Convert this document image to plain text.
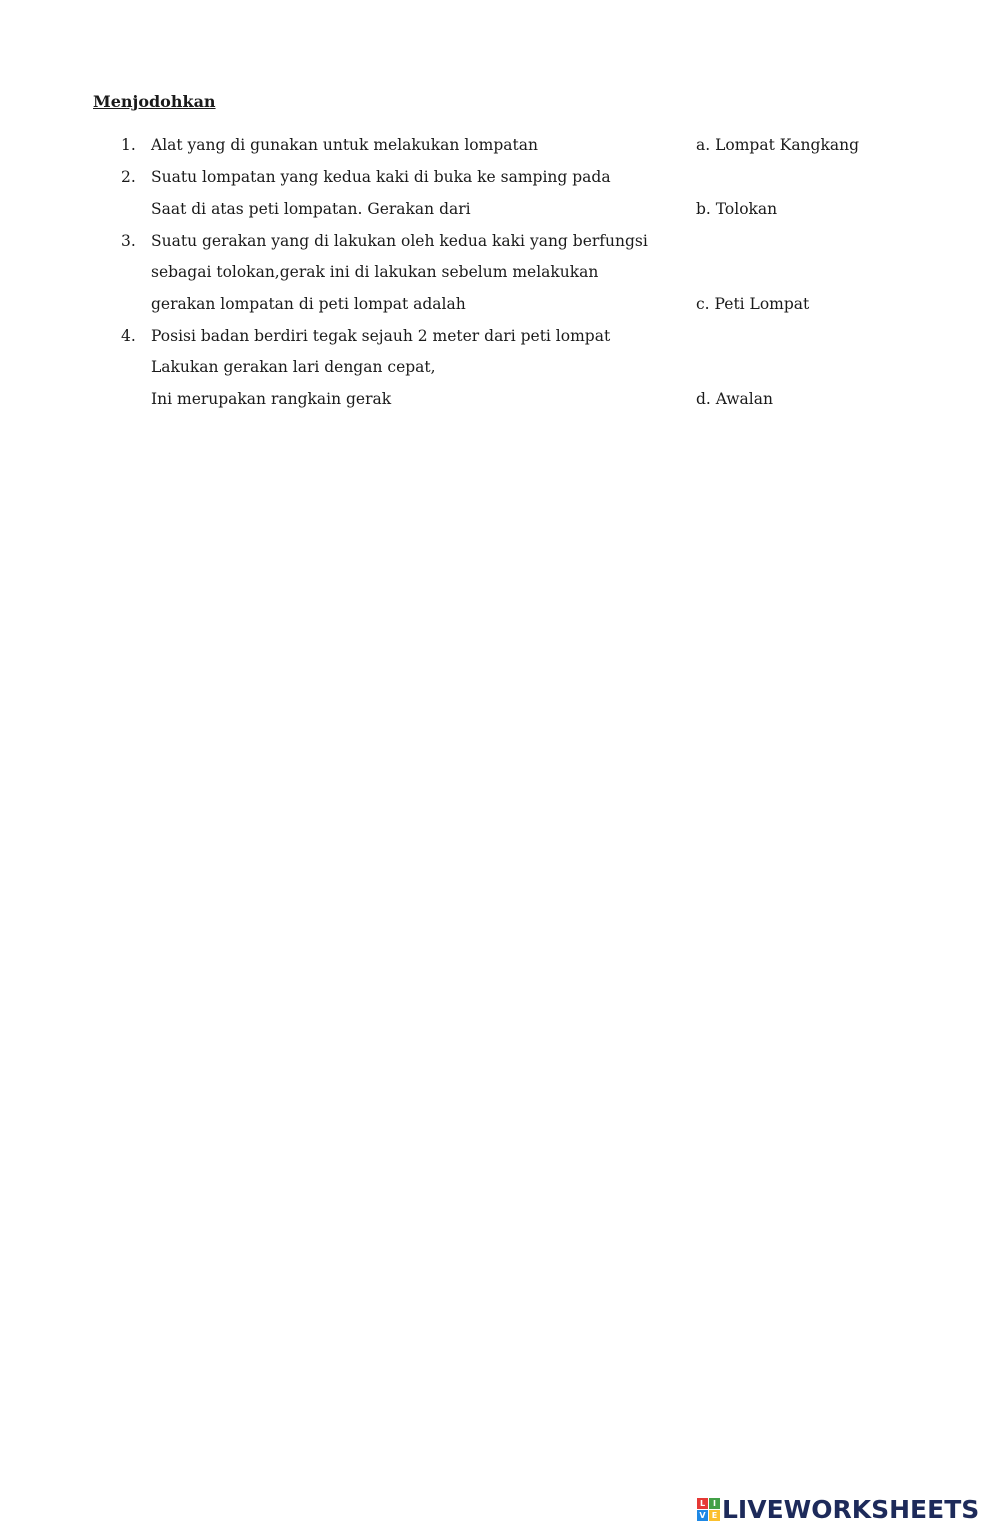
Menjodohkan
1. Alat yang di gunakan untuk melakukan lompatan
2. Suatu lompatan yang kedua kaki di buka ke samping pada
Saat di atas peti lompatan. Gerakan dari
3. Suatu gerakan yang di lakukan oleh kedua kaki yang berfungsi
sebagai tolokan,gerak ini di lakukan sebelum melakukan
gerakan lompatan di peti lompat adalah
4. Posisi badan berdiri tegak sejauh 2 meter dari peti lompat
Lakukan gerakan lari dengan cepat,
Ini merupakan rangkain gerak
a. Lompat Kangkang
b. Tolokan
c. Peti Lompat
d. Awalan
L I
V E LIVEWORKSHEETS
